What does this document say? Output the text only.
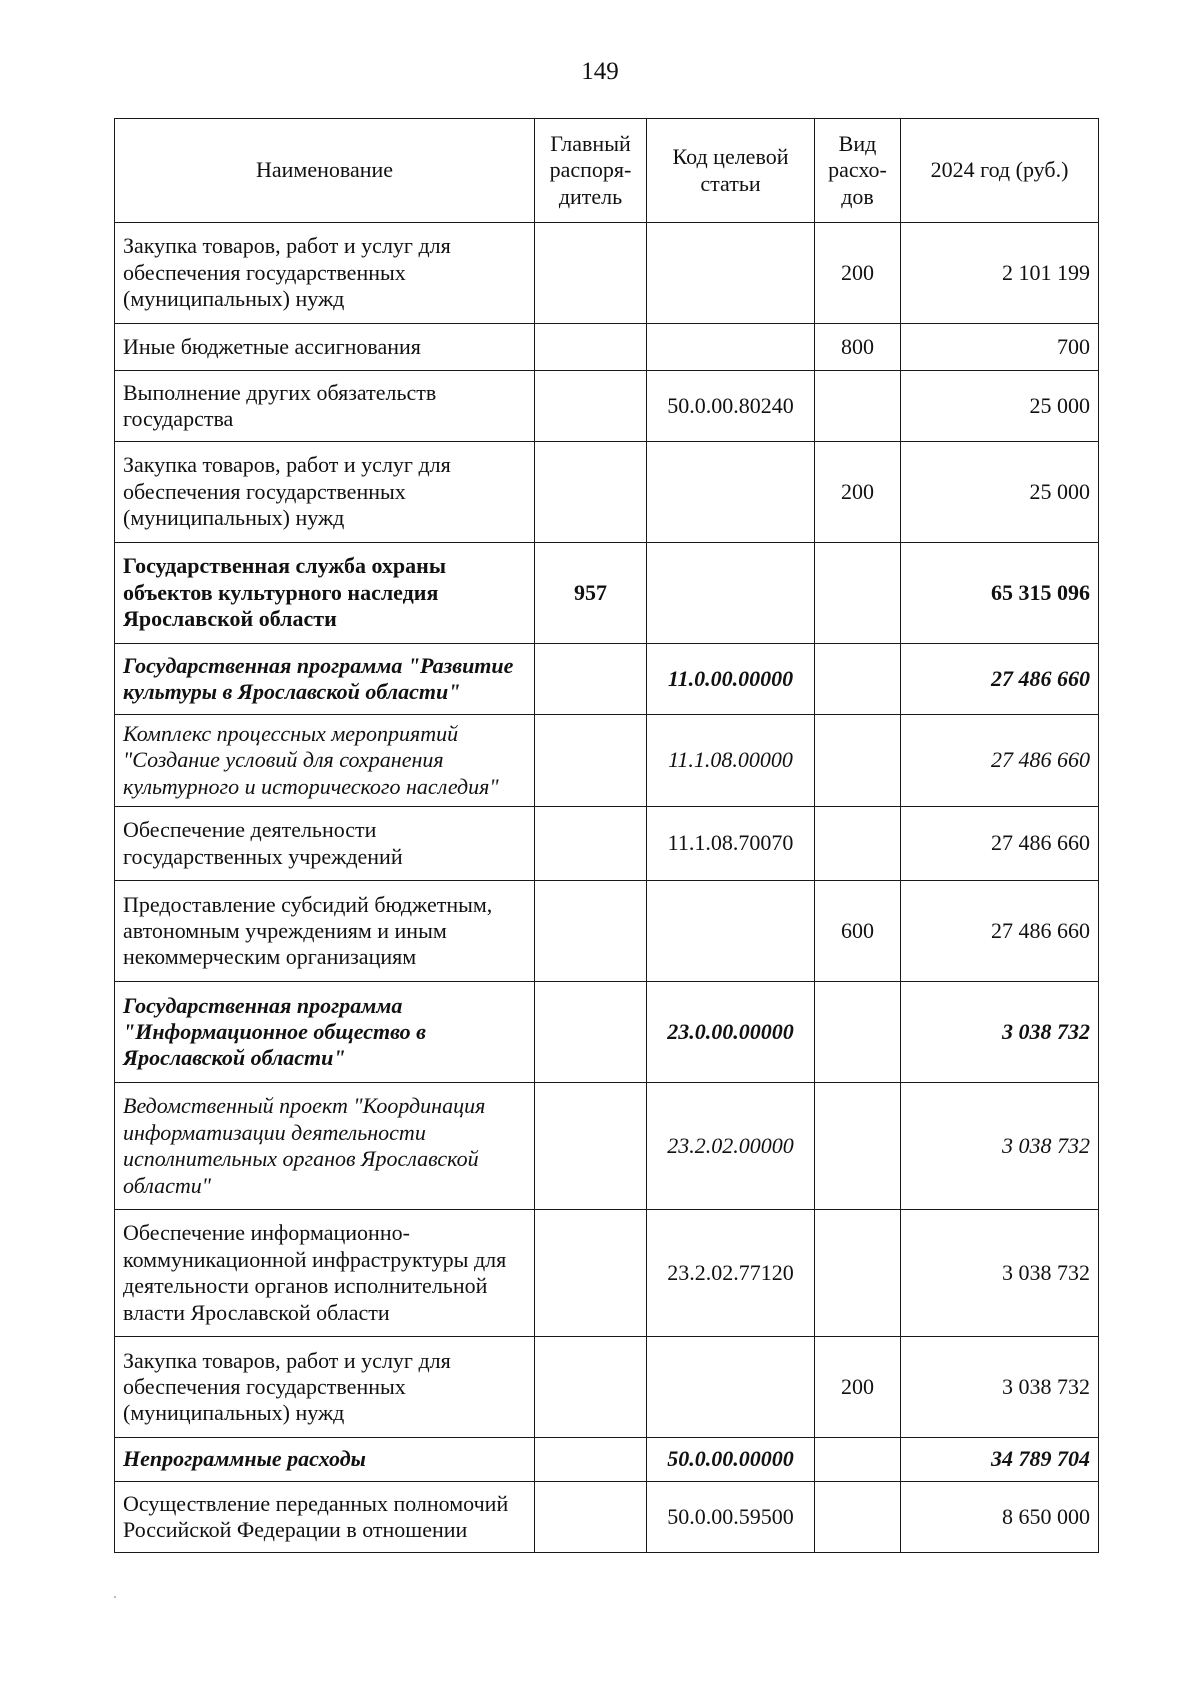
149
Наименование	Главный распоря-дитель	Код целевой статьи	Вид расхо-дов	2024 год (руб.)
Закупка товаров, работ и услуг для обеспечения государственных (муниципальных) нужд			200	2 101 199
Иные бюджетные ассигнования			800	700
Выполнение других обязательств государства		50.0.00.80240		25 000
Закупка товаров, работ и услуг для обеспечения государственных (муниципальных) нужд			200	25 000
Государственная служба охраны объектов культурного наследия Ярославской области	957			65 315 096
Государственная программа "Развитие культуры в Ярославской области"		11.0.00.00000		27 486 660
Комплекс процессных мероприятий "Создание условий для сохранения культурного и исторического наследия"		11.1.08.00000		27 486 660
Обеспечение деятельности государственных учреждений		11.1.08.70070		27 486 660
Предоставление субсидий бюджетным, автономным учреждениям и иным некоммерческим организациям			600	27 486 660
Государственная программа "Информационное общество в Ярославской области"		23.0.00.00000		3 038 732
Ведомственный проект "Координация информатизации деятельности исполнительных органов Ярославской области"		23.2.02.00000		3 038 732
Обеспечение информационно-коммуникационной инфраструктуры для деятельности органов исполнительной власти Ярославской области		23.2.02.77120		3 038 732
Закупка товаров, работ и услуг для обеспечения государственных (муниципальных) нужд			200	3 038 732
Непрограммные расходы		50.0.00.00000		34 789 704
Осуществление переданных полномочий Российской Федерации в отношении		50.0.00.59500		8 650 000
